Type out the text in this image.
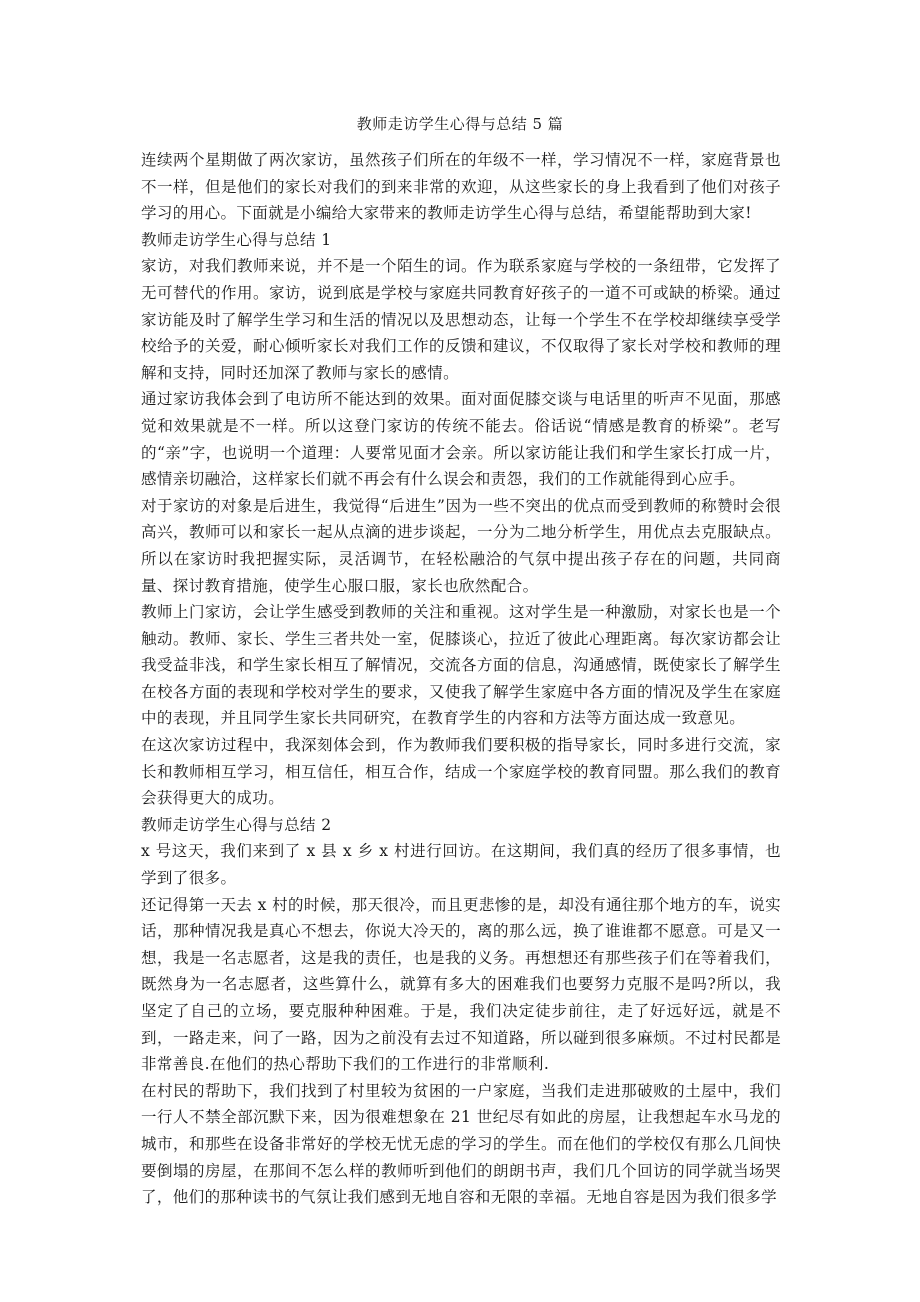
教师走访学生心得与总结 5 篇

连续两个星期做了两次家访，虽然孩子们所在的年级不一样，学习情况不一样，家庭背景也不一样，但是他们的家长对我们的到来非常的欢迎，从这些家长的身上我看到了他们对孩子学习的用心。下面就是小编给大家带来的教师走访学生心得与总结，希望能帮助到大家!

教师走访学生心得与总结 1

家访，对我们教师来说，并不是一个陌生的词。作为联系家庭与学校的一条纽带，它发挥了无可替代的作用。家访，说到底是学校与家庭共同教育好孩子的一道不可或缺的桥梁。通过家访能及时了解学生学习和生活的情况以及思想动态，让每一个学生不在学校却继续享受学校给予的关爱，耐心倾听家长对我们工作的反馈和建议，不仅取得了家长对学校和教师的理解和支持，同时还加深了教师与家长的感情。

通过家访我体会到了电访所不能达到的效果。面对面促膝交谈与电话里的听声不见面，那感觉和效果就是不一样。所以这登门家访的传统不能去。俗话说“情感是教育的桥梁”。老写的“亲”字，也说明一个道理：人要常见面才会亲。所以家访能让我们和学生家长打成一片，感情亲切融洽，这样家长们就不再会有什么误会和责怨，我们的工作就能得到心应手。

对于家访的对象是后进生，我觉得“后进生”因为一些不突出的优点而受到教师的称赞时会很高兴，教师可以和家长一起从点滴的进步谈起，一分为二地分析学生，用优点去克服缺点。所以在家访时我把握实际，灵活调节，在轻松融洽的气氛中提出孩子存在的问题，共同商量、探讨教育措施，使学生心服口服，家长也欣然配合。

教师上门家访，会让学生感受到教师的关注和重视。这对学生是一种激励，对家长也是一个触动。教师、家长、学生三者共处一室，促膝谈心，拉近了彼此心理距离。每次家访都会让我受益非浅，和学生家长相互了解情况，交流各方面的信息，沟通感情，既使家长了解学生在校各方面的表现和学校对学生的要求，又使我了解学生家庭中各方面的情况及学生在家庭中的表现，并且同学生家长共同研究，在教育学生的内容和方法等方面达成一致意见。

在这次家访过程中，我深刻体会到，作为教师我们要积极的指导家长，同时多进行交流，家长和教师相互学习，相互信任，相互合作，结成一个家庭学校的教育同盟。那么我们的教育会获得更大的成功。

教师走访学生心得与总结 2

x 号这天，我们来到了 x 县 x 乡 x 村进行回访。在这期间，我们真的经历了很多事情，也学到了很多。

还记得第一天去 x 村的时候，那天很冷，而且更悲惨的是，却没有通往那个地方的车，说实话，那种情况我是真心不想去，你说大冷天的，离的那么远，换了谁谁都不愿意。可是又一想，我是一名志愿者，这是我的责任，也是我的义务。再想想还有那些孩子们在等着我们，既然身为一名志愿者，这些算什么，就算有多大的困难我们也要努力克服不是吗?所以，我坚定了自己的立场，要克服种种困难。于是，我们决定徒步前往，走了好远好远，就是不到，一路走来，问了一路，因为之前没有去过不知道路，所以碰到很多麻烦。不过村民都是非常善良.在他们的热心帮助下我们的工作进行的非常顺利.

在村民的帮助下，我们找到了村里较为贫困的一户家庭，当我们走进那破败的土屋中，我们一行人不禁全部沉默下来，因为很难想象在 21 世纪尽有如此的房屋，让我想起车水马龙的城市，和那些在设备非常好的学校无忧无虑的学习的学生。而在他们的学校仅有那么几间快要倒塌的房屋，在那间不怎么样的教师听到他们的朗朗书声，我们几个回访的同学就当场哭了，他们的那种读书的气氛让我们感到无地自容和无限的幸福。无地自容是因为我们很多学
